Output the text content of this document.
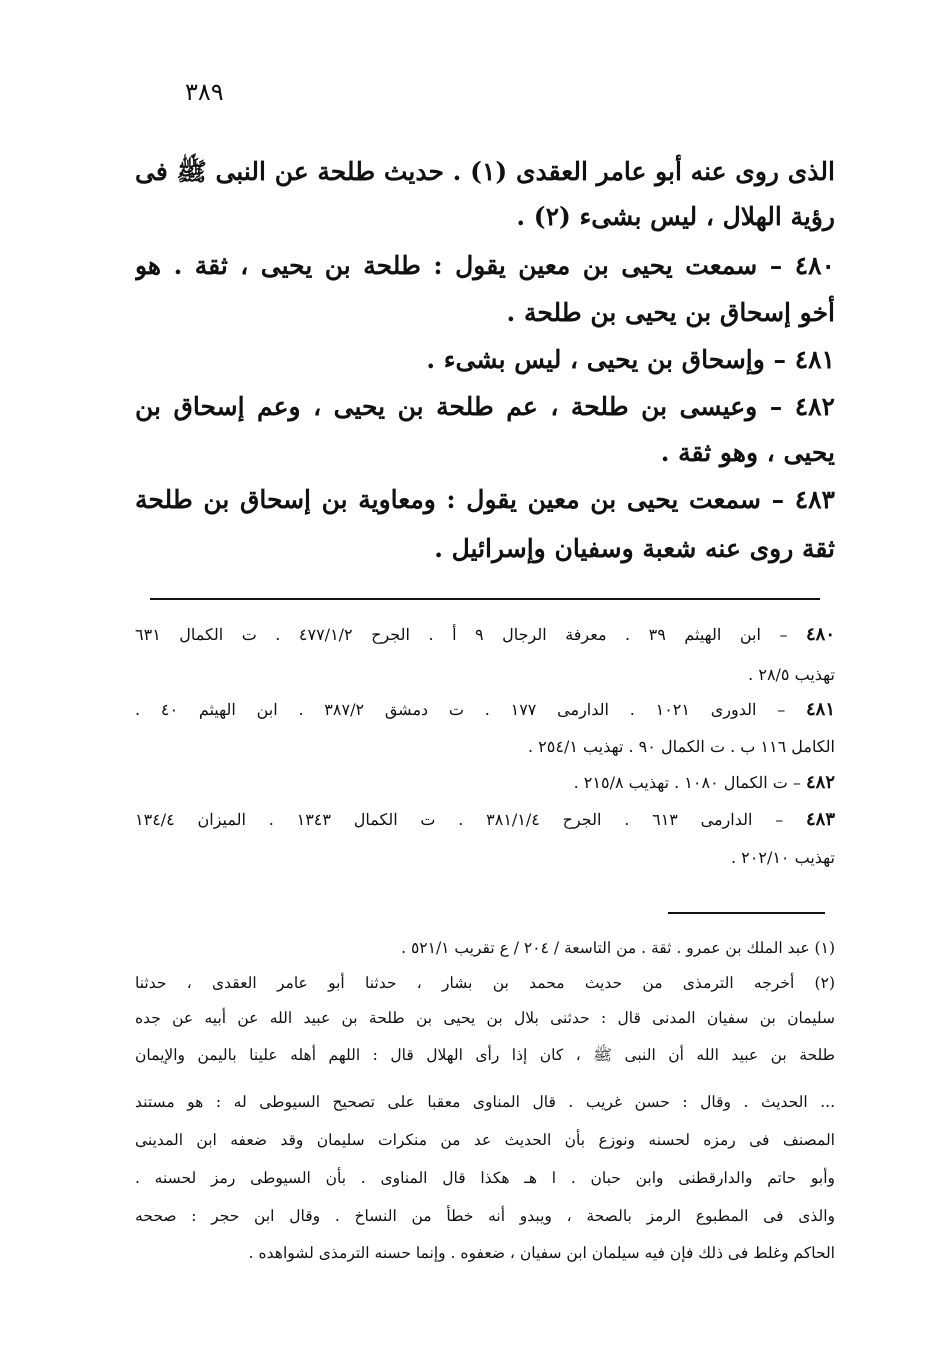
٣٨٩
الذى روى عنه أبو عامر العقدى (١) . حديث طلحة عن النبى ﷺ فى
رؤية الهلال ، ليس بشىء (٢) .
٤٨٠ – سمعت يحيى بن معين يقول : طلحة بن يحيى ، ثقة . هو
أخو إسحاق بن يحيى بن طلحة .
٤٨١ – وإسحاق بن يحيى ، ليس بشىء .
٤٨٢ – وعيسى بن طلحة ، عم طلحة بن يحيى ، وعم إسحاق بن
يحيى ، وهو ثقة .
٤٨٣ – سمعت يحيى بن معين يقول : ومعاوية بن إسحاق بن طلحة
ثقة روى عنه شعبة وسفيان وإسرائيل .
٤٨٠ – ابن الهيثم ٣٩ . معرفة الرجال ٩ أ . الجرح ٤٧٧/١/٢ . ت الكمال ٦٣١
تهذيب ٢٨/٥ .
٤٨١ – الدورى ١٠٢١ . الدارمى ١٧٧ . ت دمشق ٣٨٧/٢ . ابن الهيثم ٤٠ .
الكامل ١١٦ ب . ت الكمال ٩٠ . تهذيب ٢٥٤/١ .
٤٨٢ – ت الكمال ١٠٨٠ . تهذيب ٢١٥/٨ .
٤٨٣ – الدارمى ٦١٣ . الجرح ٣٨١/١/٤ . ت الكمال ١٣٤٣ . الميزان ١٣٤/٤
تهذيب ٢٠٢/١٠ .
(١) عبد الملك بن عمرو . ثقة . من التاسعة / ٢٠٤ / ع تقريب ٥٢١/١ .
(٢) أخرجه الترمذى من حديث محمد بن بشار ، حدثنا أبو عامر العقدى ، حدثنا
سليمان بن سفيان المدنى قال : حدثنى بلال بن يحيى بن طلحة بن عبيد الله عن أبيه عن جده
طلحة بن عبيد الله أن النبى ﷺ ، كان إذا رأى الهلال قال : اللهم أهله علينا باليمن والإيمان
... الحديث . وقال : حسن غريب . قال المناوى معقبا على تصحيح السيوطى له : هو مستند
المصنف فى رمزه لحسنه ونوزع بأن الحديث عد من منكرات سليمان وقد ضعفه ابن المدينى
وأبو حاتم والدارقطنى وابن حبان . ا هـ هكذا قال المناوى . بأن السيوطى رمز لحسنه .
والذى فى المطبوع الرمز بالصحة ، ويبدو أنه خطأ من النساخ . وقال ابن حجر : صححه
الحاكم وغلط فى ذلك فإن فيه سيلمان ابن سفيان ، ضعفوه . وإنما حسنه الترمذى لشواهده .
